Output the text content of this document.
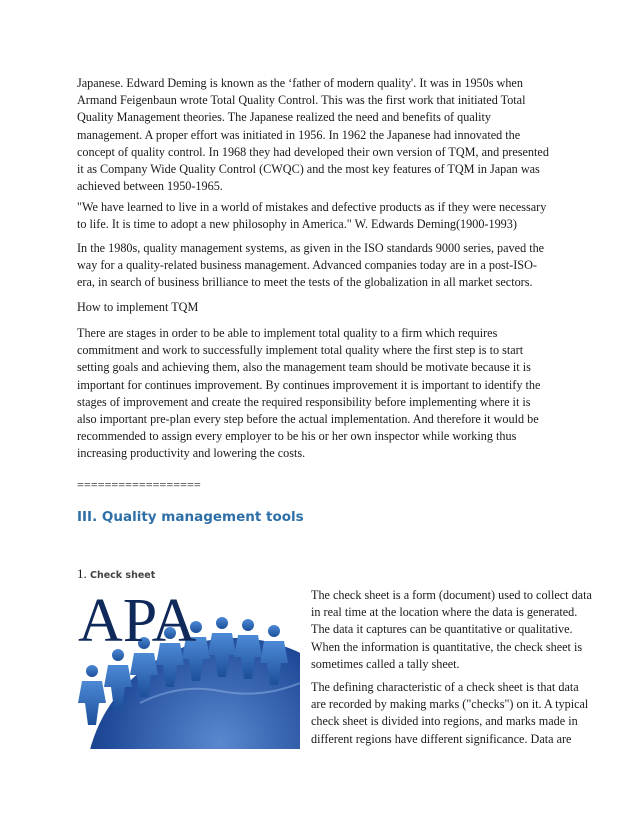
Japanese. Edward Deming is known as the ‘father of modern quality'. It was in 1950s when
Armand Feigenbaun wrote Total Quality Control. This was the first work that initiated Total
Quality Management theories. The Japanese realized the need and benefits of quality
management. A proper effort was initiated in 1956. In 1962 the Japanese had innovated the
concept of quality control. In 1968 they had developed their own version of TQM, and presented
it as Company Wide Quality Control (CWQC) and the most key features of TQM in Japan was
achieved between 1950-1965.
"We have learned to live in a world of mistakes and defective products as if they were necessary
to life. It is time to adopt a new philosophy in America." W. Edwards Deming(1900-1993)
In the 1980s, quality management systems, as given in the ISO standards 9000 series, paved the
way for a quality-related business management. Advanced companies today are in a post-ISO-
era, in search of business brilliance to meet the tests of the globalization in all market sectors.
How to implement TQM
There are stages in order to be able to implement total quality to a firm which requires
commitment and work to successfully implement total quality where the first step is to start
setting goals and achieving them, also the management team should be motivate because it is
important for continues improvement. By continues improvement it is important to identify the
stages of improvement and create the required responsibility before implementing where it is
also important pre-plan every step before the actual implementation. And therefore it would be
recommended to assign every employer to be his or her own inspector while working thus
increasing productivity and lowering the costs.
==================
III. Quality management tools
1. Check sheet
APA	The check sheet is a form (document) used to collect data
in real time at the location where the data is generated.
The data it captures can be quantitative or qualitative.
When the information is quantitative, the check sheet is
sometimes called a tally sheet.
The defining characteristic of a check sheet is that data
are recorded by making marks ("checks") on it. A typical
check sheet is divided into regions, and marks made in
different regions have different significance. Data are
